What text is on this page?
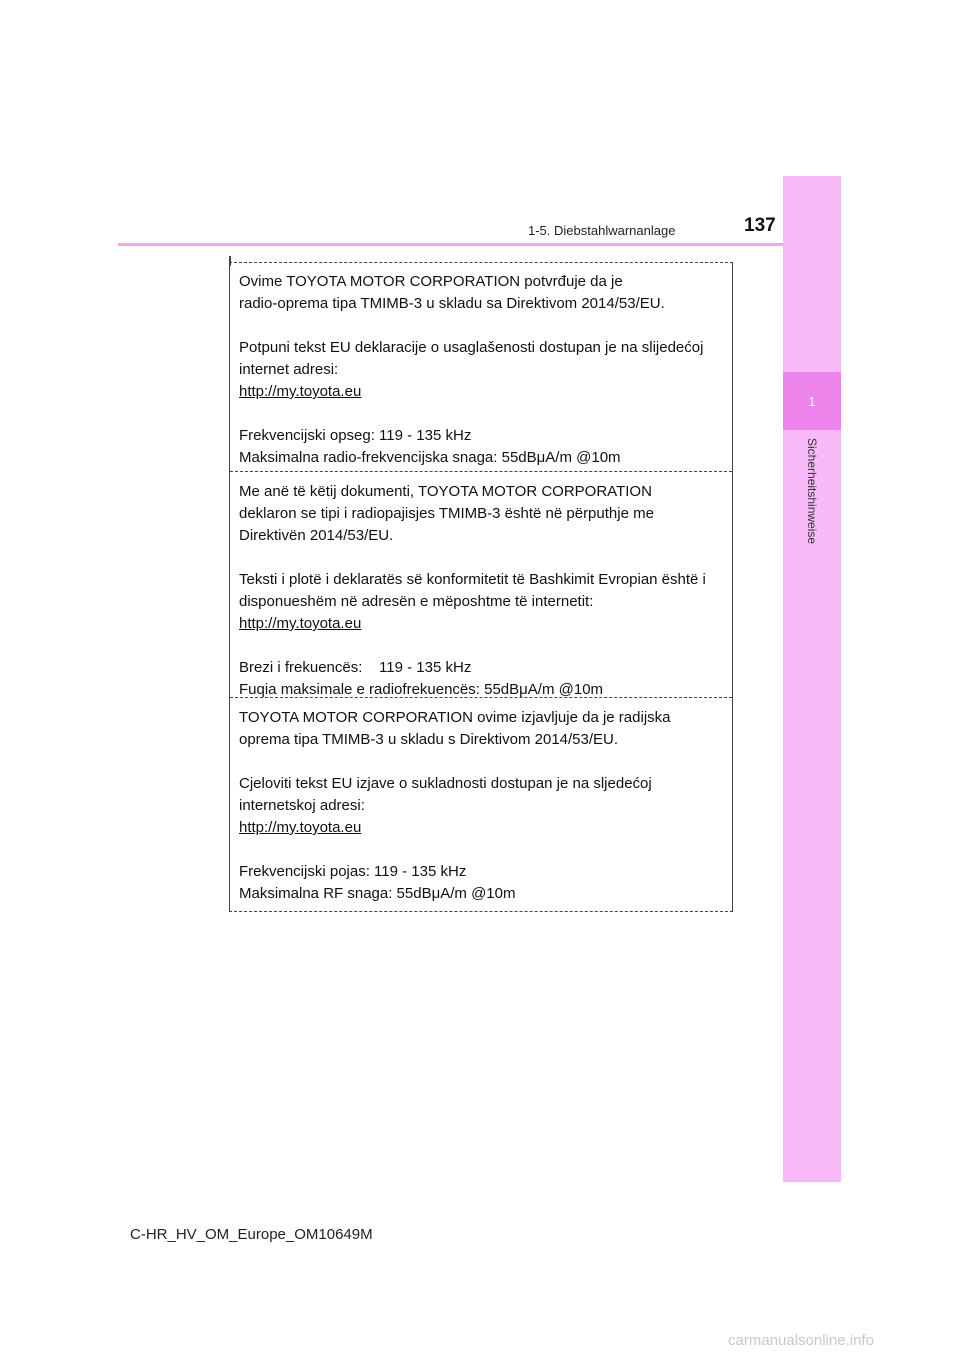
1
Sicherheitshinweise
1-5. Diebstahlwarnanlage	137

Ovime TOYOTA MOTOR CORPORATION potvrđuje da je

radio-oprema tipa TMIMB-3 u skladu sa Direktivom 2014/53/EU.

Potpuni tekst EU deklaracije o usaglašenosti dostupan je na slijedećoj

internet adresi:

http://my.toyota.eu

Frekvencijski opseg: 119 - 135 kHz

Maksimalna radio-frekvencijska snaga: 55dBμA/m @10m

Me anë të këtij dokumenti, TOYOTA MOTOR CORPORATION

deklaron se tipi i radiopajisjes TMIMB-3 është në përputhje me

Direktivën 2014/53/EU.

Teksti i plotë i deklaratës së konformitetit të Bashkimit Evropian është i

disponueshëm në adresën e mëposhtme të internetit:

http://my.toyota.eu

Brezi i frekuencës:    119 - 135 kHz

Fuqia maksimale e radiofrekuencës: 55dBμA/m @10m

TOYOTA MOTOR CORPORATION ovime izjavljuje da je radijska

oprema tipa TMIMB-3 u skladu s Direktivom 2014/53/EU.

Cjeloviti tekst EU izjave o sukladnosti dostupan je na sljedećoj

internetskoj adresi:

http://my.toyota.eu

Frekvencijski pojas: 119 - 135 kHz

Maksimalna RF snaga: 55dBμA/m @10m

C-HR_HV_OM_Europe_OM10649M
carmanualsonline.info
